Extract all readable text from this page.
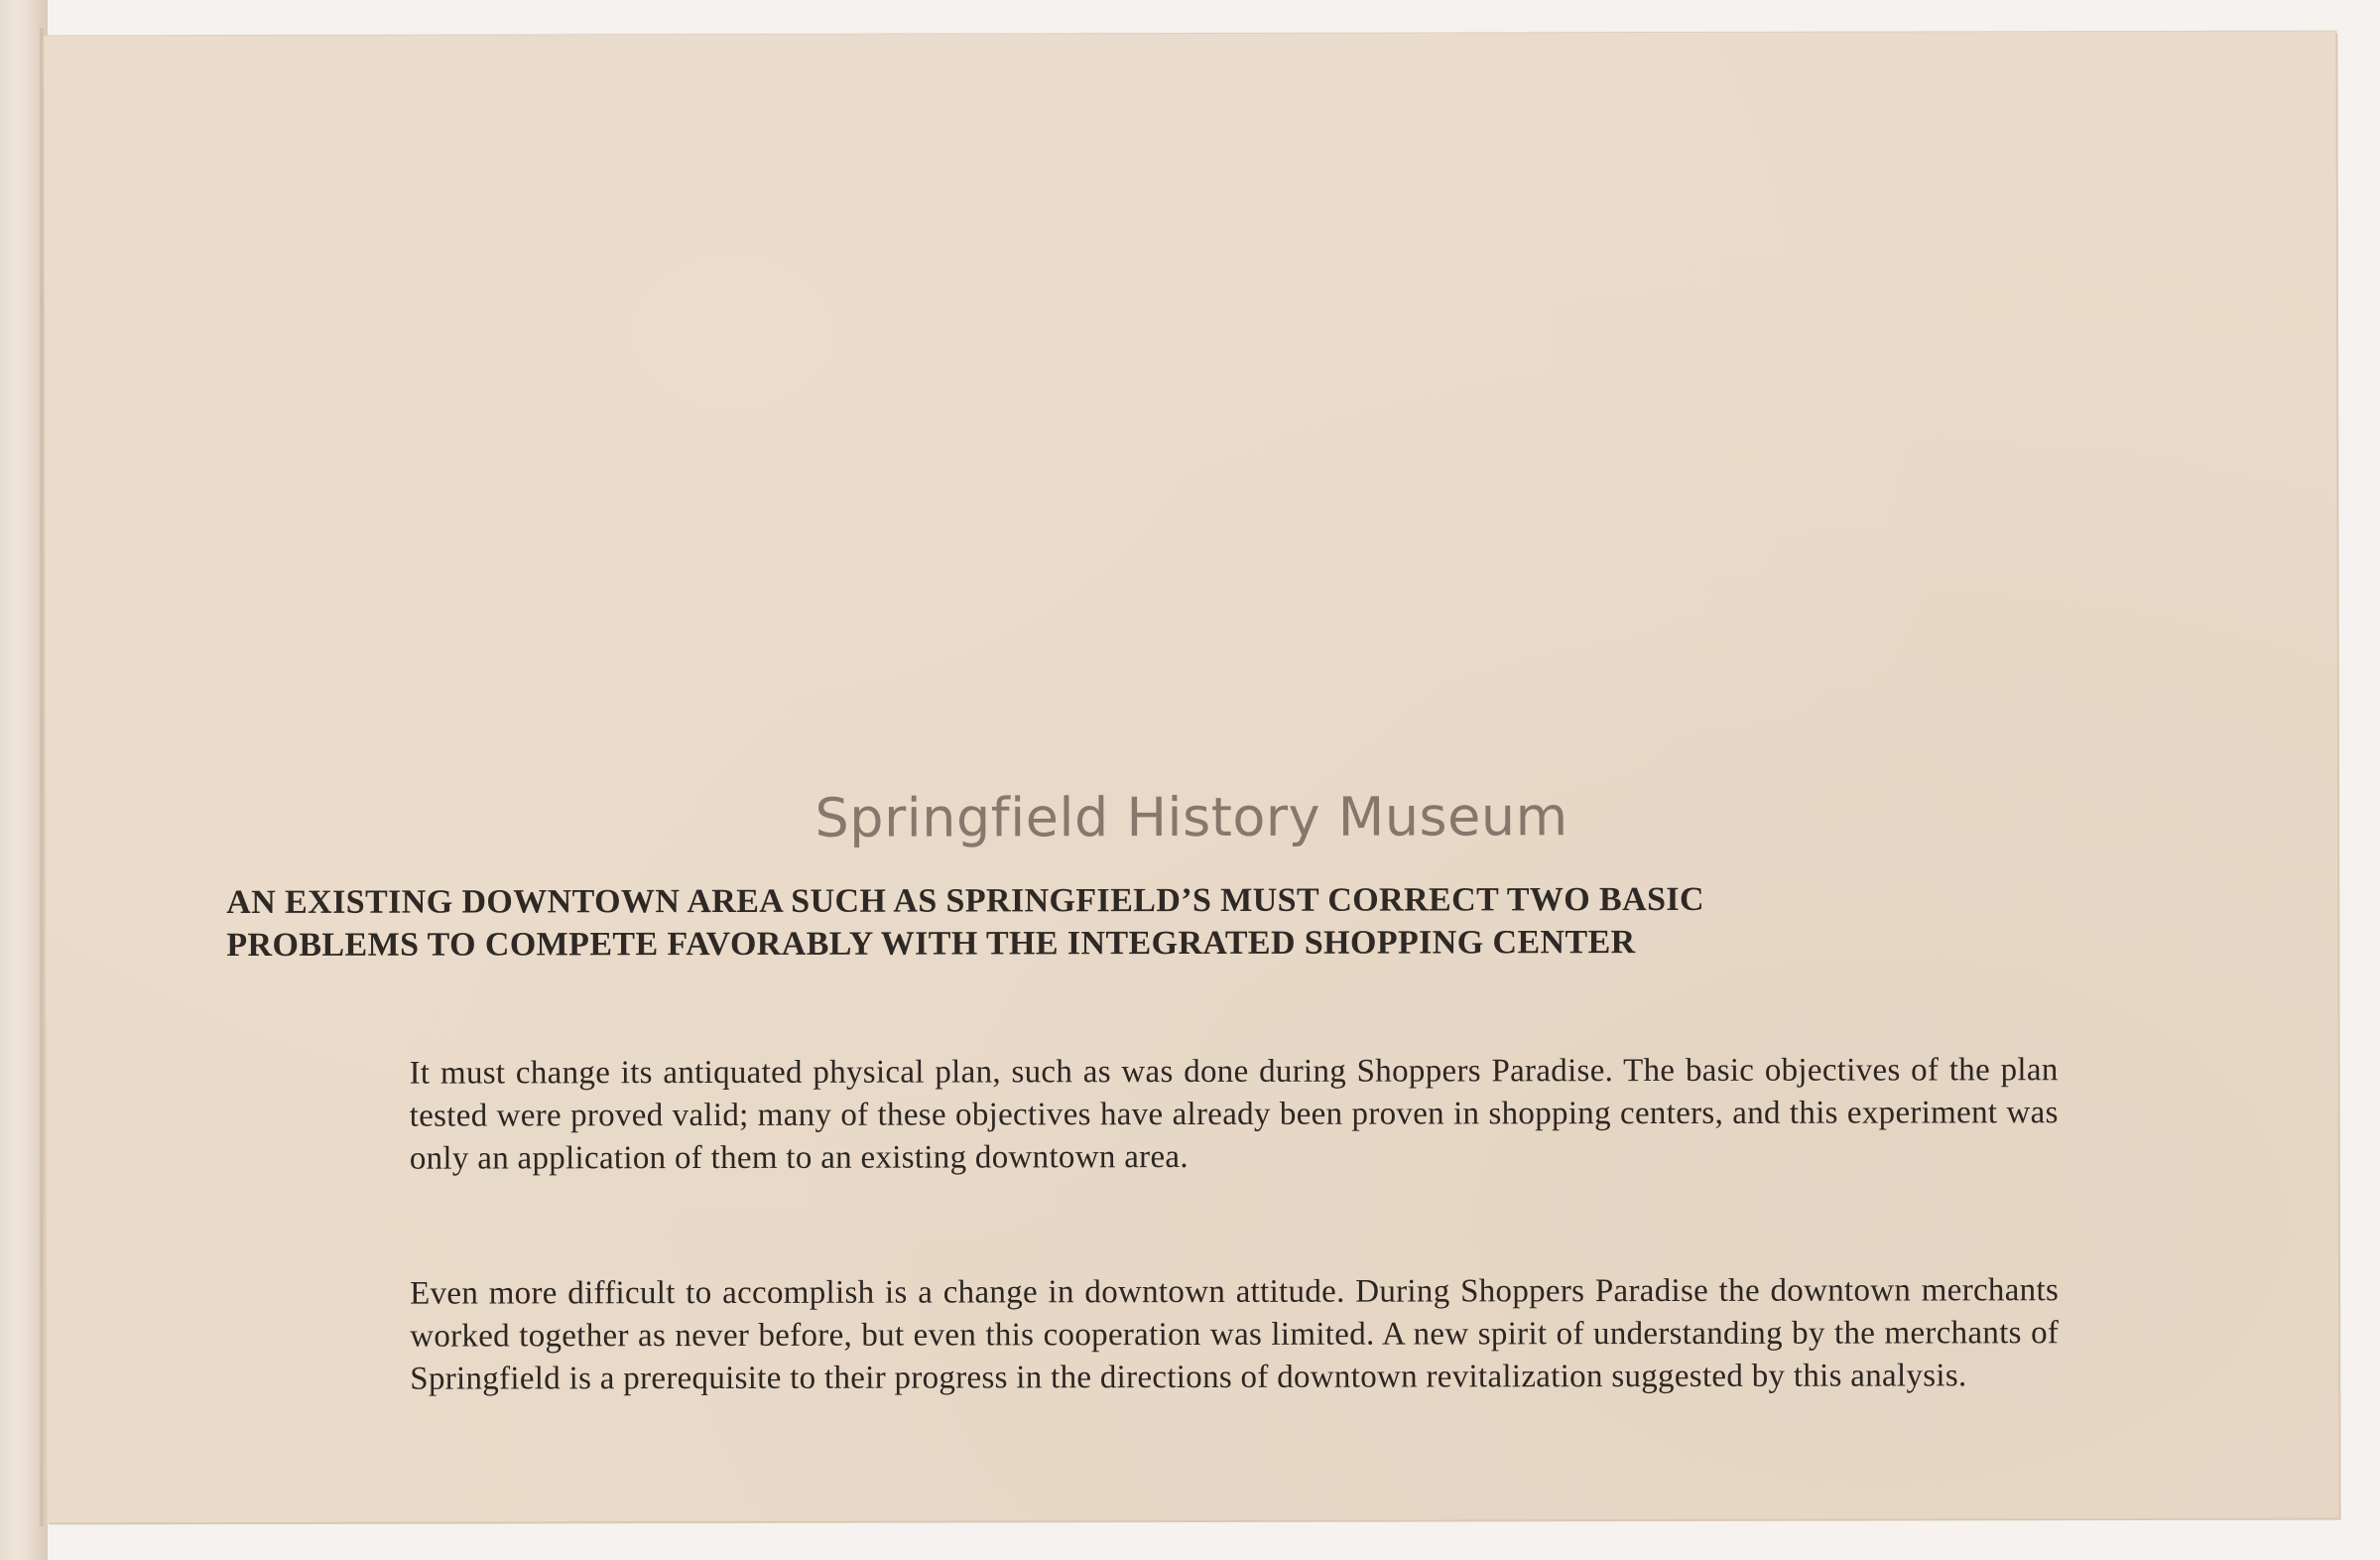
Springfield History Museum
AN EXISTING DOWNTOWN AREA SUCH AS SPRINGFIELD’S MUST CORRECT TWO BASIC
PROBLEMS TO COMPETE FAVORABLY WITH THE INTEGRATED SHOPPING CENTER

It must change its antiquated physical plan, such as was done during Shoppers Paradise. The basic objectives of the plan tested were proved valid; many of these objectives have already been proven in shopping centers, and this experiment was only an application of them to an existing downtown area.

Even more difficult to accomplish is a change in downtown attitude. During Shoppers Paradise the downtown merchants worked together as never before, but even this cooperation was limited. A new spirit of understanding by the merchants of Springfield is a prerequisite to their progress in the directions of downtown revitalization suggested by this analysis.
